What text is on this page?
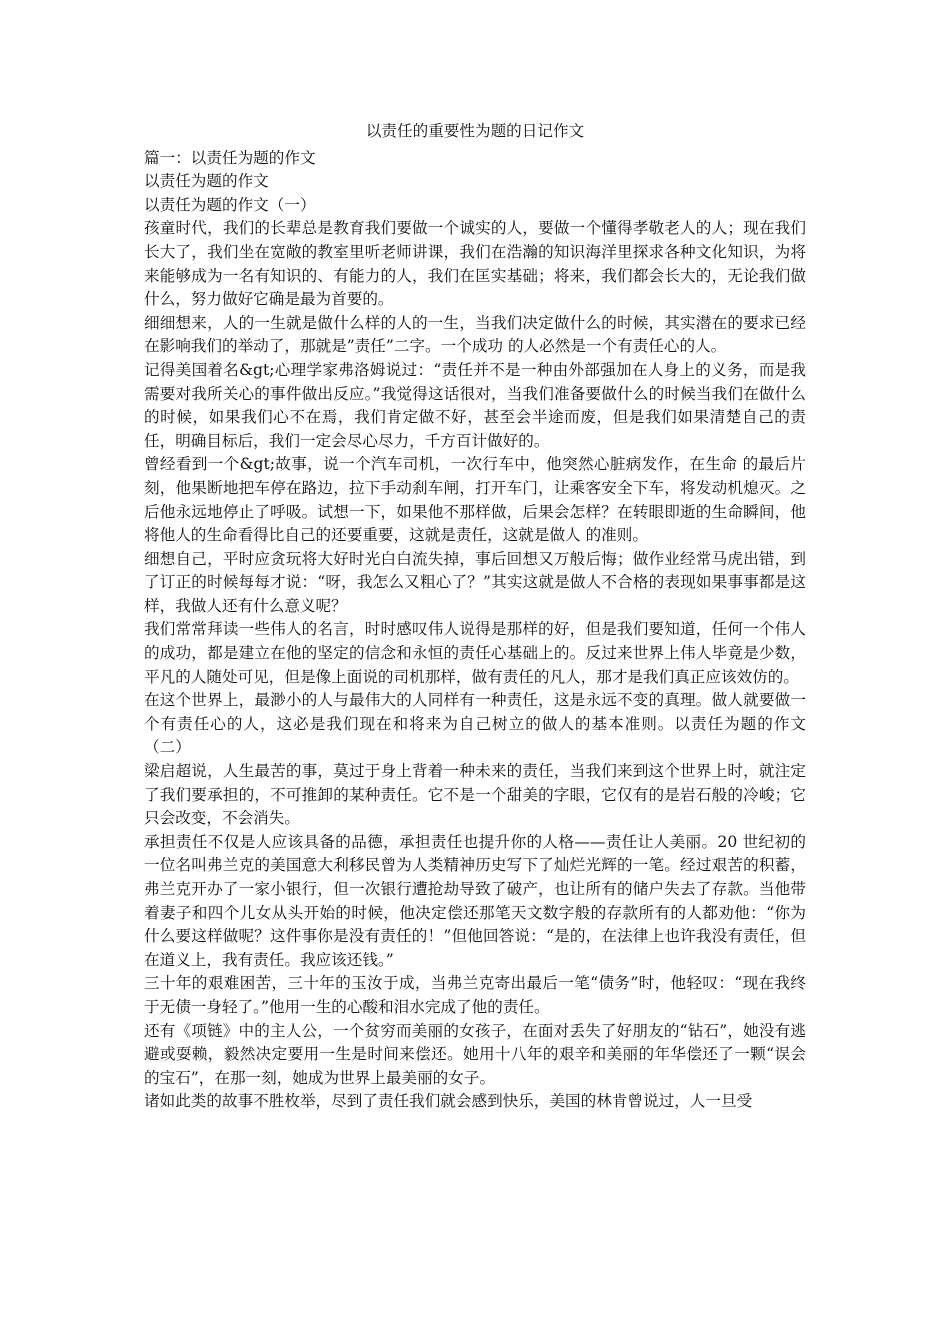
以责任的重要性为题的日记作文

篇一：以责任为题的作文

以责任为题的作文

以责任为题的作文（一）

孩童时代，我们的长辈总是教育我们要做一个诚实的人，要做一个懂得孝敬老人的人；现在我们长大了，我们坐在宽敞的教室里听老师讲课，我们在浩瀚的知识海洋里探求各种文化知识，为将来能够成为一名有知识的、有能力的人，我们在匡实基础；将来，我们都会长大的，无论我们做什么，努力做好它确是最为首要的。

细细想来，人的一生就是做什么样的人的一生，当我们决定做什么的时候，其实潜在的要求已经在影响我们的举动了，那就是”责任”二字。一个成功 的人必然是一个有责任心的人。

记得美国着名&gt;心理学家弗洛姆说过：“责任并不是一种由外部强加在人身上的义务，而是我需要对我所关心的事件做出反应。”我觉得这话很对，当我们准备要做什么的时候当我们在做什么的时候，如果我们心不在焉，我们肯定做不好，甚至会半途而废，但是我们如果清楚自己的责任，明确目标后，我们一定会尽心尽力，千方百计做好的。

曾经看到一个&gt;故事，说一个汽车司机，一次行车中，他突然心脏病发作，在生命 的最后片刻，他果断地把车停在路边，拉下手动刹车闸，打开车门，让乘客安全下车，将发动机熄灭。之后他永远地停止了呼吸。试想一下，如果他不那样做，后果会怎样？在转眼即逝的生命瞬间，他将他人的生命看得比自己的还要重要，这就是责任，这就是做人 的准则。

细想自己，平时应贪玩将大好时光白白流失掉，事后回想又万般后悔；做作业经常马虎出错，到了订正的时候每每才说：“呀，我怎么又粗心了？”其实这就是做人不合格的表现如果事事都是这样，我做人还有什么意义呢？

我们常常拜读一些伟人的名言，时时感叹伟人说得是那样的好，但是我们要知道，任何一个伟人的成功，都是建立在他的坚定的信念和永恒的责任心基础上的。反过来世界上伟人毕竟是少数，平凡的人随处可见，但是像上面说的司机那样，做有责任的凡人，那才是我们真正应该效仿的。

在这个世界上，最渺小的人与最伟大的人同样有一种责任，这是永远不变的真理。做人就要做一个有责任心的人，这必是我们现在和将来为自己树立的做人的基本准则。以责任为题的作文（二）

梁启超说，人生最苦的事，莫过于身上背着一种未来的责任，当我们来到这个世界上时，就注定了我们要承担的，不可推卸的某种责任。它不是一个甜美的字眼，它仅有的是岩石般的冷峻；它只会改变，不会消失。

承担责任不仅是人应该具备的品德，承担责任也提升你的人格——责任让人美丽。20 世纪初的一位名叫弗兰克的美国意大利移民曾为人类精神历史写下了灿烂光辉的一笔。经过艰苦的积蓄，弗兰克开办了一家小银行，但一次银行遭抢劫导致了破产，也让所有的储户失去了存款。当他带着妻子和四个儿女从头开始的时候，他决定偿还那笔天文数字般的存款所有的人都劝他：“你为什么要这样做呢？这件事你是没有责任的！”但他回答说：“是的，在法律上也许我没有责任，但在道义上，我有责任。我应该还钱。”

三十年的艰难困苦，三十年的玉汝于成，当弗兰克寄出最后一笔“债务”时，他轻叹：“现在我终于无债一身轻了。”他用一生的心酸和泪水完成了他的责任。

还有《项链》中的主人公，一个贫穷而美丽的女孩子，在面对丢失了好朋友的“钻石”，她没有逃避或耍赖，毅然决定要用一生是时间来偿还。她用十八年的艰辛和美丽的年华偿还了一颗“误会的宝石”，在那一刻，她成为世界上最美丽的女子。

诸如此类的故事不胜枚举，尽到了责任我们就会感到快乐，美国的林肯曾说过，人一旦受
